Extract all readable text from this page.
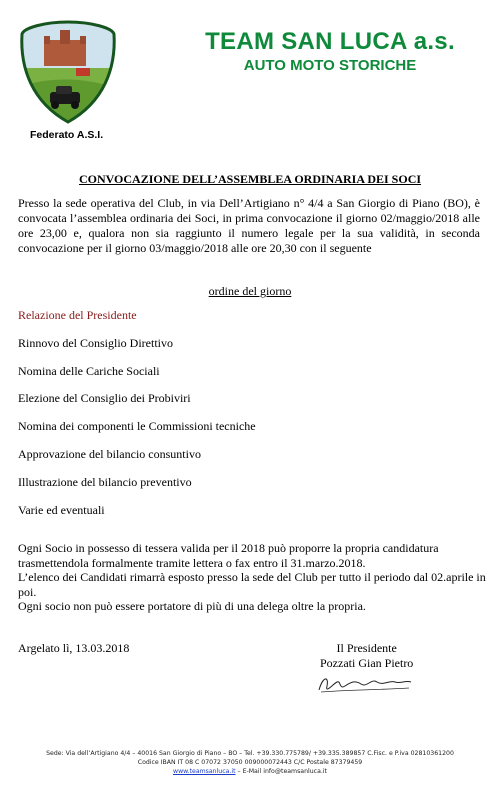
Federato A.S.I.
TEAM SAN LUCA a.s.
AUTO MOTO STORICHE
CONVOCAZIONE DELL’ASSEMBLEA ORDINARIA DEI SOCI
Presso la sede operativa del Club, in via Dell’Artigiano n° 4/4 a San Giorgio di Piano (BO), è convocata l’assemblea ordinaria dei Soci, in prima convocazione il giorno 02/maggio/2018 alle ore 23,00 e, qualora non sia raggiunto il numero legale per la sua validità, in seconda convocazione per il giorno 03/maggio/2018 alle ore 20,30 con il seguente
ordine del giorno
Relazione del Presidente
Rinnovo del Consiglio Direttivo
Nomina delle Cariche Sociali
Elezione del Consiglio dei Probiviri
Nomina dei componenti le Commissioni tecniche
Approvazione del bilancio consuntivo
Illustrazione del bilancio preventivo
Varie ed eventuali

Ogni Socio in possesso di tessera valida per il 2018 può proporre la propria candidatura trasmettendola formalmente tramite lettera o fax entro il 31.marzo.2018.

L’elenco dei Candidati rimarrà esposto presso la sede del Club per tutto il periodo dal 02.aprile in poi.

Ogni socio non può essere portatore di più di una delega oltre la propria.

Argelato lì, 13.03.2018	Il Presidente
Pozzati Gian Pietro
Sede: Via dell’Artigiano 4/4 – 40016 San Giorgio di Piano – BO – Tel. +39.330.775789/ +39.335.389857 C.Fisc. e P.iva 02810361200
Codice IBAN IT 08 C 07072 37050 009000072443 C/C Postale 87379459
www.teamsanluca.it – E-Mail info@teamsanluca.it
